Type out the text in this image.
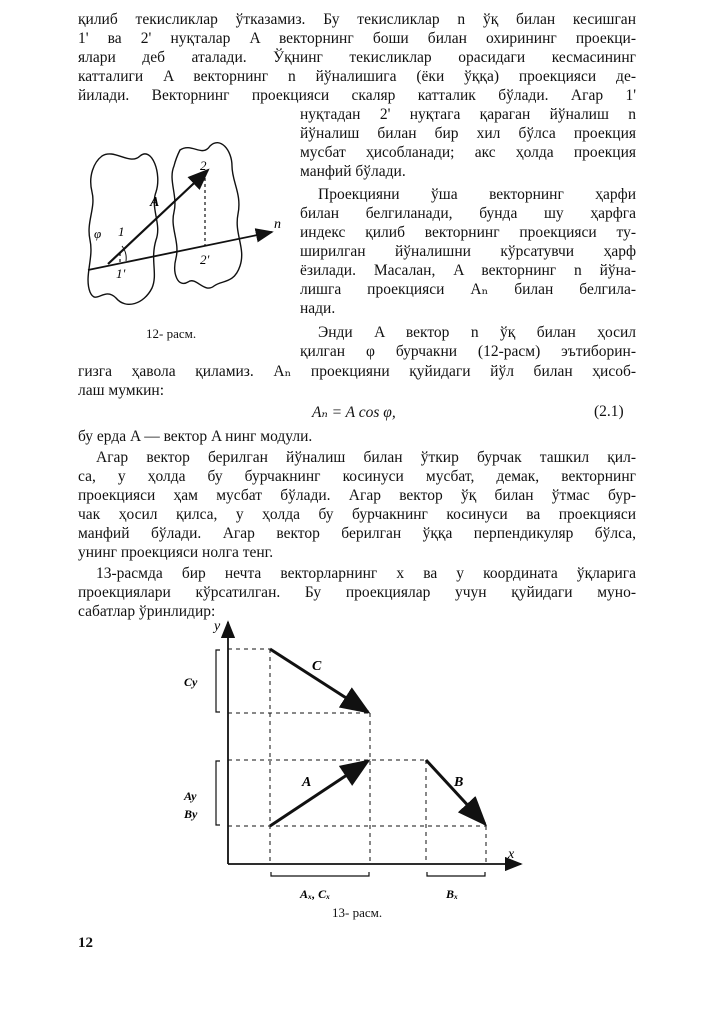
қилиб текисликлар ўтказамиз. Бу текисликлар n ўқ билан кесишган
1' ва 2' нуқталар A векторнинг боши билан охирининг проекци-
ялари деб аталади. Ўқнинг текисликлар орасидаги кесмасининг
катталиги A векторнинг n йўналишига (ёки ўққа) проекцияси де-
йилади. Векторнинг проекцияси скаляр катталик бўлади. Агар 1'
нуқтадан 2' нуқтага қараган йўналиш n
йўналиш билан бир хил бўлса проекция
мусбат ҳисобланади; акс ҳолда проекция
манфий бўлади.
Проекцияни ўша векторнинг ҳарфи
билан белгиланади, бунда шу ҳарфга
индекс қилиб векторнинг проекцияси ту-
ширилган йўналишни кўрсатувчи ҳарф
ёзилади. Масалан, A векторнинг n йўна-
лишга проекцияси Aₙ билан белгила-
нади.
Энди A вектор n ўқ билан ҳосил
қилган φ бурчакни (12-расм) эътиборин-
гизга ҳавола қиламиз. Aₙ проекцияни қуйидаги йўл билан ҳисоб-
лаш мумкин:
Aₙ = A cos φ,	(2.1)
бу ерда A — вектор A нинг модули.
Агар вектор берилган йўналиш билан ўткир бурчак ташкил қил-
са, у ҳолда бу бурчакнинг косинуси мусбат, демак, векторнинг
проекцияси ҳам мусбат бўлади. Агар вектор ўқ билан ўтмас бур-
чак ҳосил қилса, у ҳолда бу бурчакнинг косинуси ва проекцияси
манфий бўлади. Агар вектор берилган ўққа перпендикуляр бўлса,
унинг проекцияси нолга тенг.
13-расмда бир нечта векторларнинг x ва y координата ўқларига
проекциялари кўрсатилган. Бу проекциялар учун қуйидаги муно-
сабатлар ўринлидир:
A
n
φ 1
2
1'
2'
12- расм.
y
x
C
A	B
Cy
Ay
By
Aₓ, Cₓ	Bₓ
13- расм.
12
